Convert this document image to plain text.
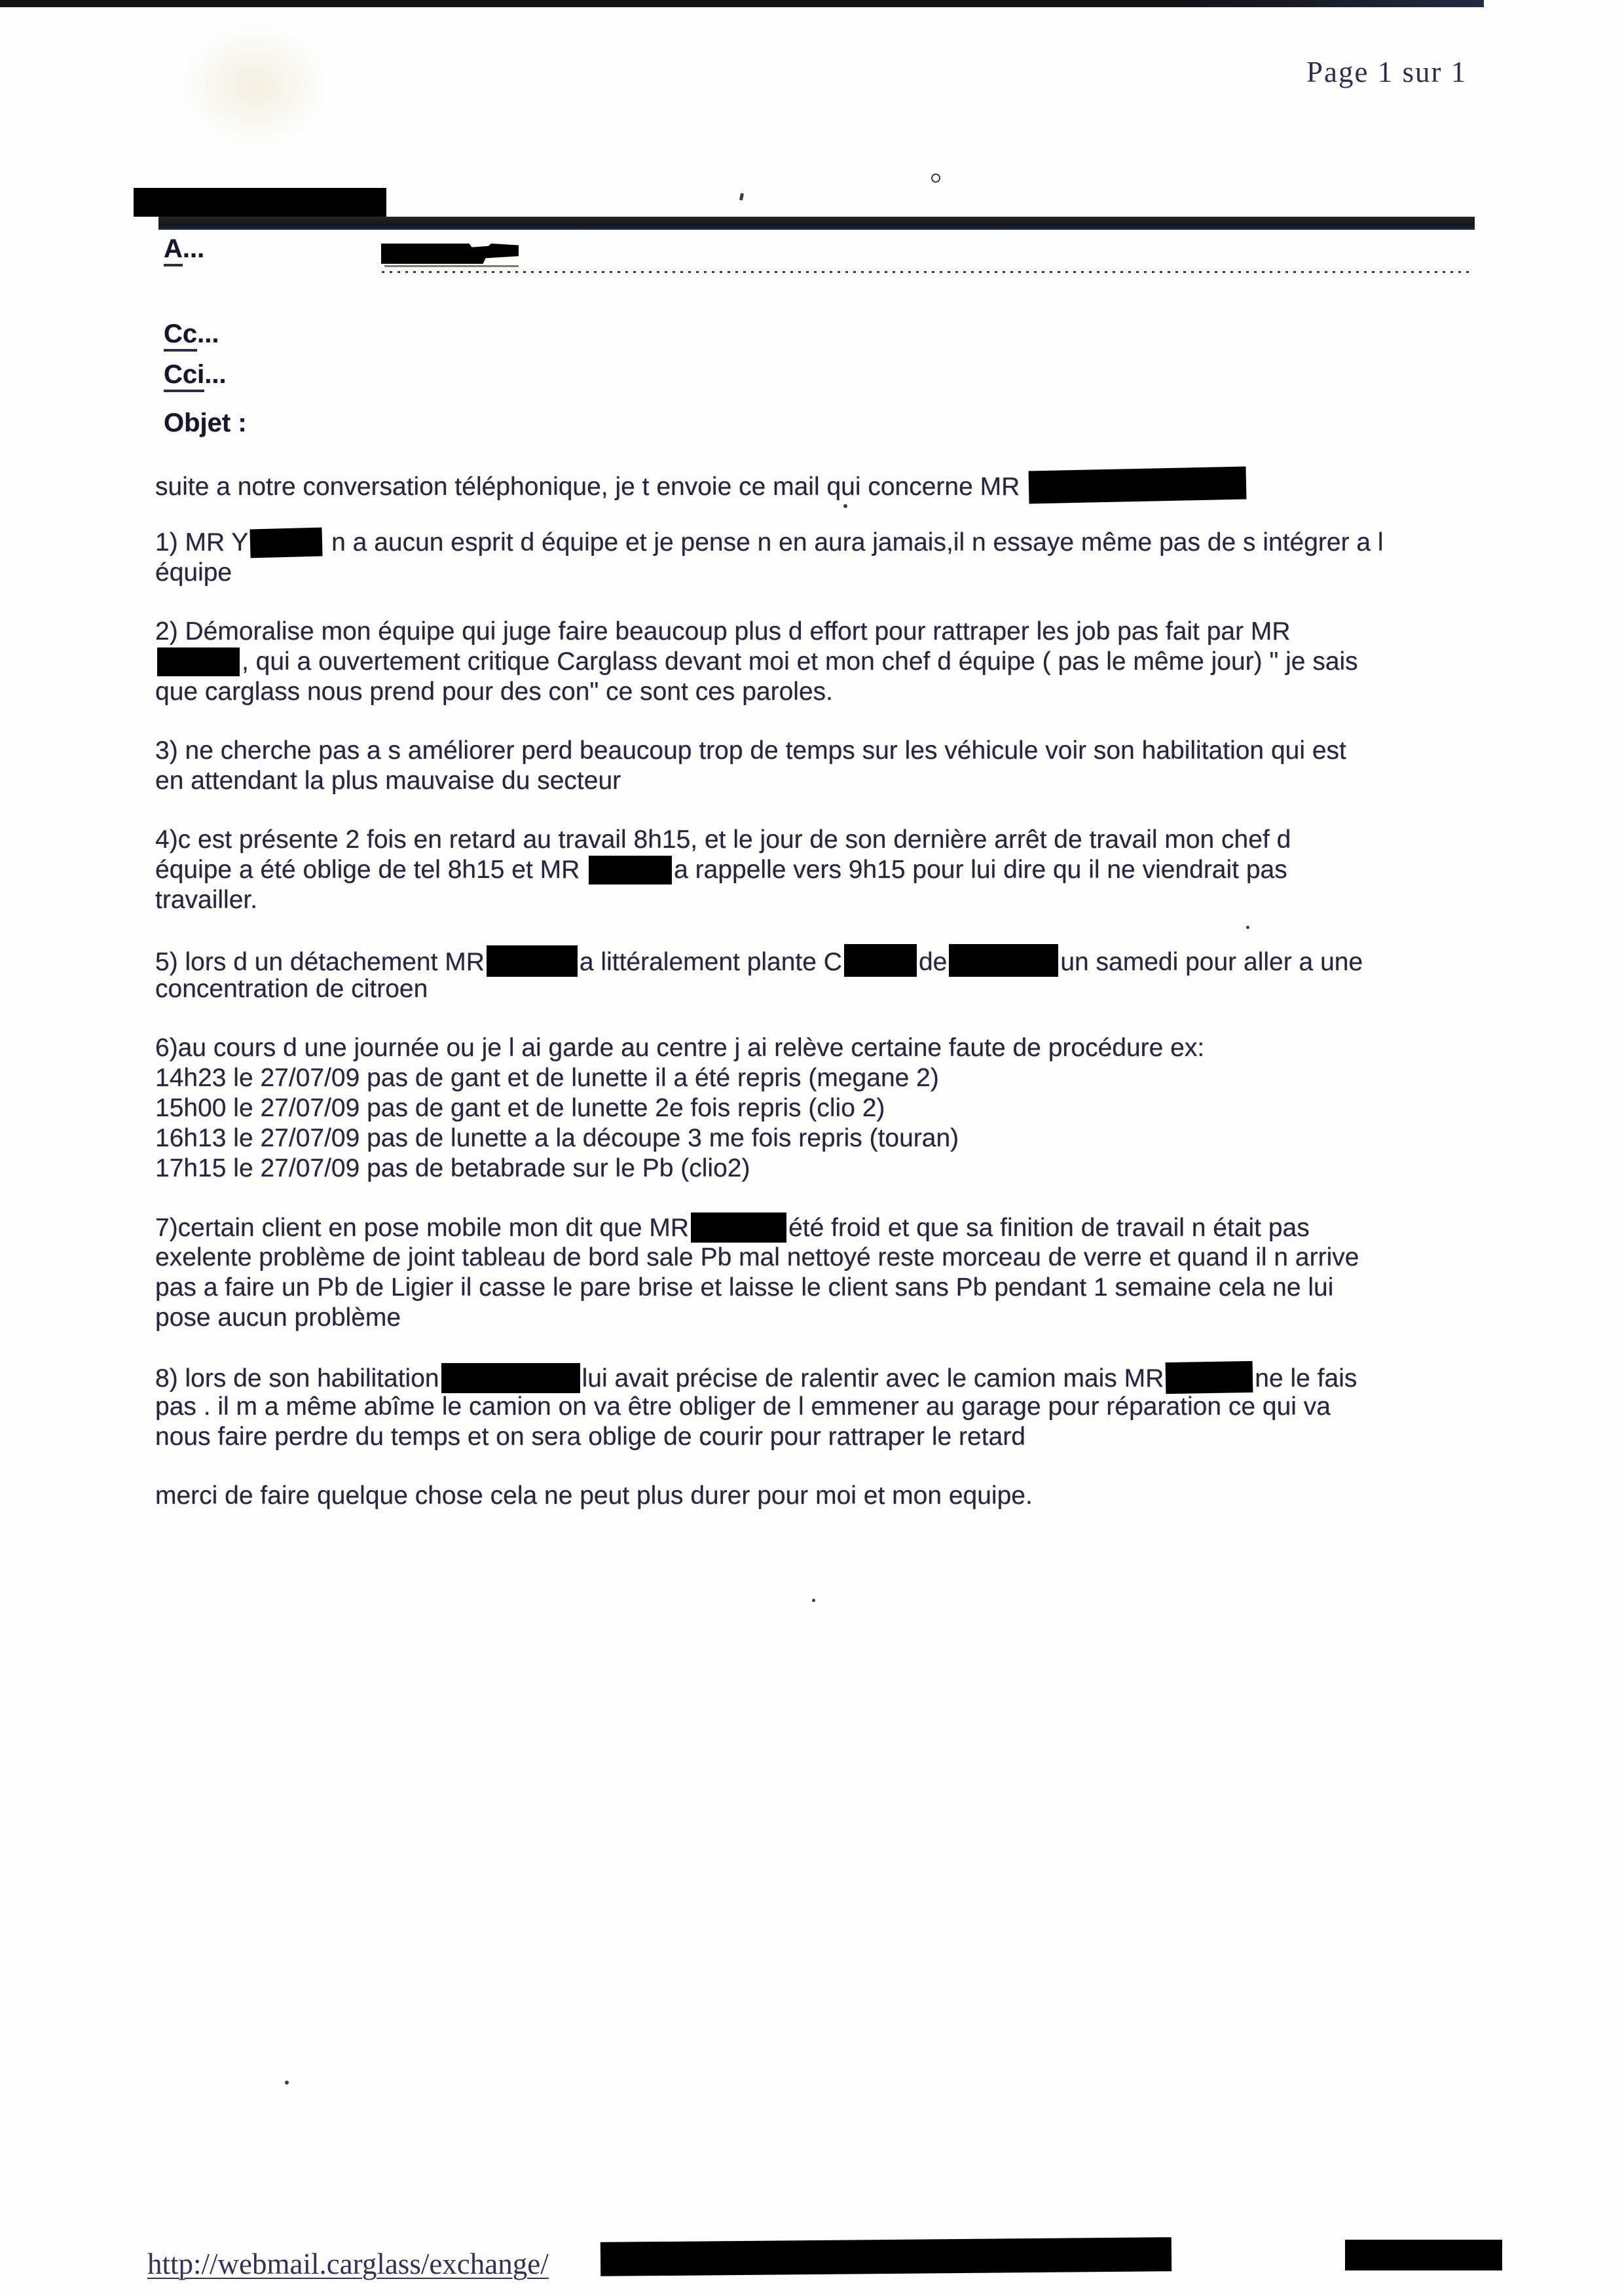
Page 1 sur 1
A...
Cc...
Cci...
Objet :
suite a notre conversation téléphonique, je t envoie ce mail qui concerne MR
1) MR Y	n a aucun esprit d équipe et je pense n en aura jamais,il n essaye même pas de s intégrer a l
équipe
2) Démoralise mon équipe qui juge faire beaucoup plus d effort pour rattraper les job pas fait par MR
, qui a ouvertement critique Carglass devant moi et mon chef d équipe ( pas le même jour) " je sais
que carglass nous prend pour des con" ce sont ces paroles.
3) ne cherche pas a s améliorer perd beaucoup trop de temps sur les véhicule voir son habilitation qui est
en attendant la plus mauvaise du secteur
4)c est présente 2 fois en retard au travail 8h15, et le jour de son dernière arrêt de travail mon chef d
équipe a été oblige de tel 8h15 et MR	a rappelle vers 9h15 pour lui dire qu il ne viendrait pas
travailler.
5) lors d un détachement MR	a littéralement plante C	de	un samedi pour aller a une
concentration de citroen
6)au cours d une journée ou je l ai garde au centre j ai relève certaine faute de procédure ex:
14h23 le 27/07/09 pas de gant et de lunette il a été repris (megane 2)
15h00 le 27/07/09 pas de gant et de lunette 2e fois repris (clio 2)
16h13 le 27/07/09 pas de lunette a la découpe 3 me fois repris (touran)
17h15 le 27/07/09 pas de betabrade sur le Pb (clio2)
7)certain client en pose mobile mon dit que MR	été froid et que sa finition de travail n était pas
exelente problème de joint tableau de bord sale Pb mal nettoyé reste morceau de verre et quand il n arrive
pas a faire un Pb de Ligier il casse le pare brise et laisse le client sans Pb pendant 1 semaine cela ne lui
pose aucun problème
8) lors de son habilitation	lui avait précise de ralentir avec le camion mais MR	ne le fais
pas . il m a même abîme le camion on va être obliger de l emmener au garage pour réparation ce qui va
nous faire perdre du temps et on sera oblige de courir pour rattraper le retard
merci de faire quelque chose cela ne peut plus durer pour moi et mon equipe.
http://webmail.carglass/exchange/
